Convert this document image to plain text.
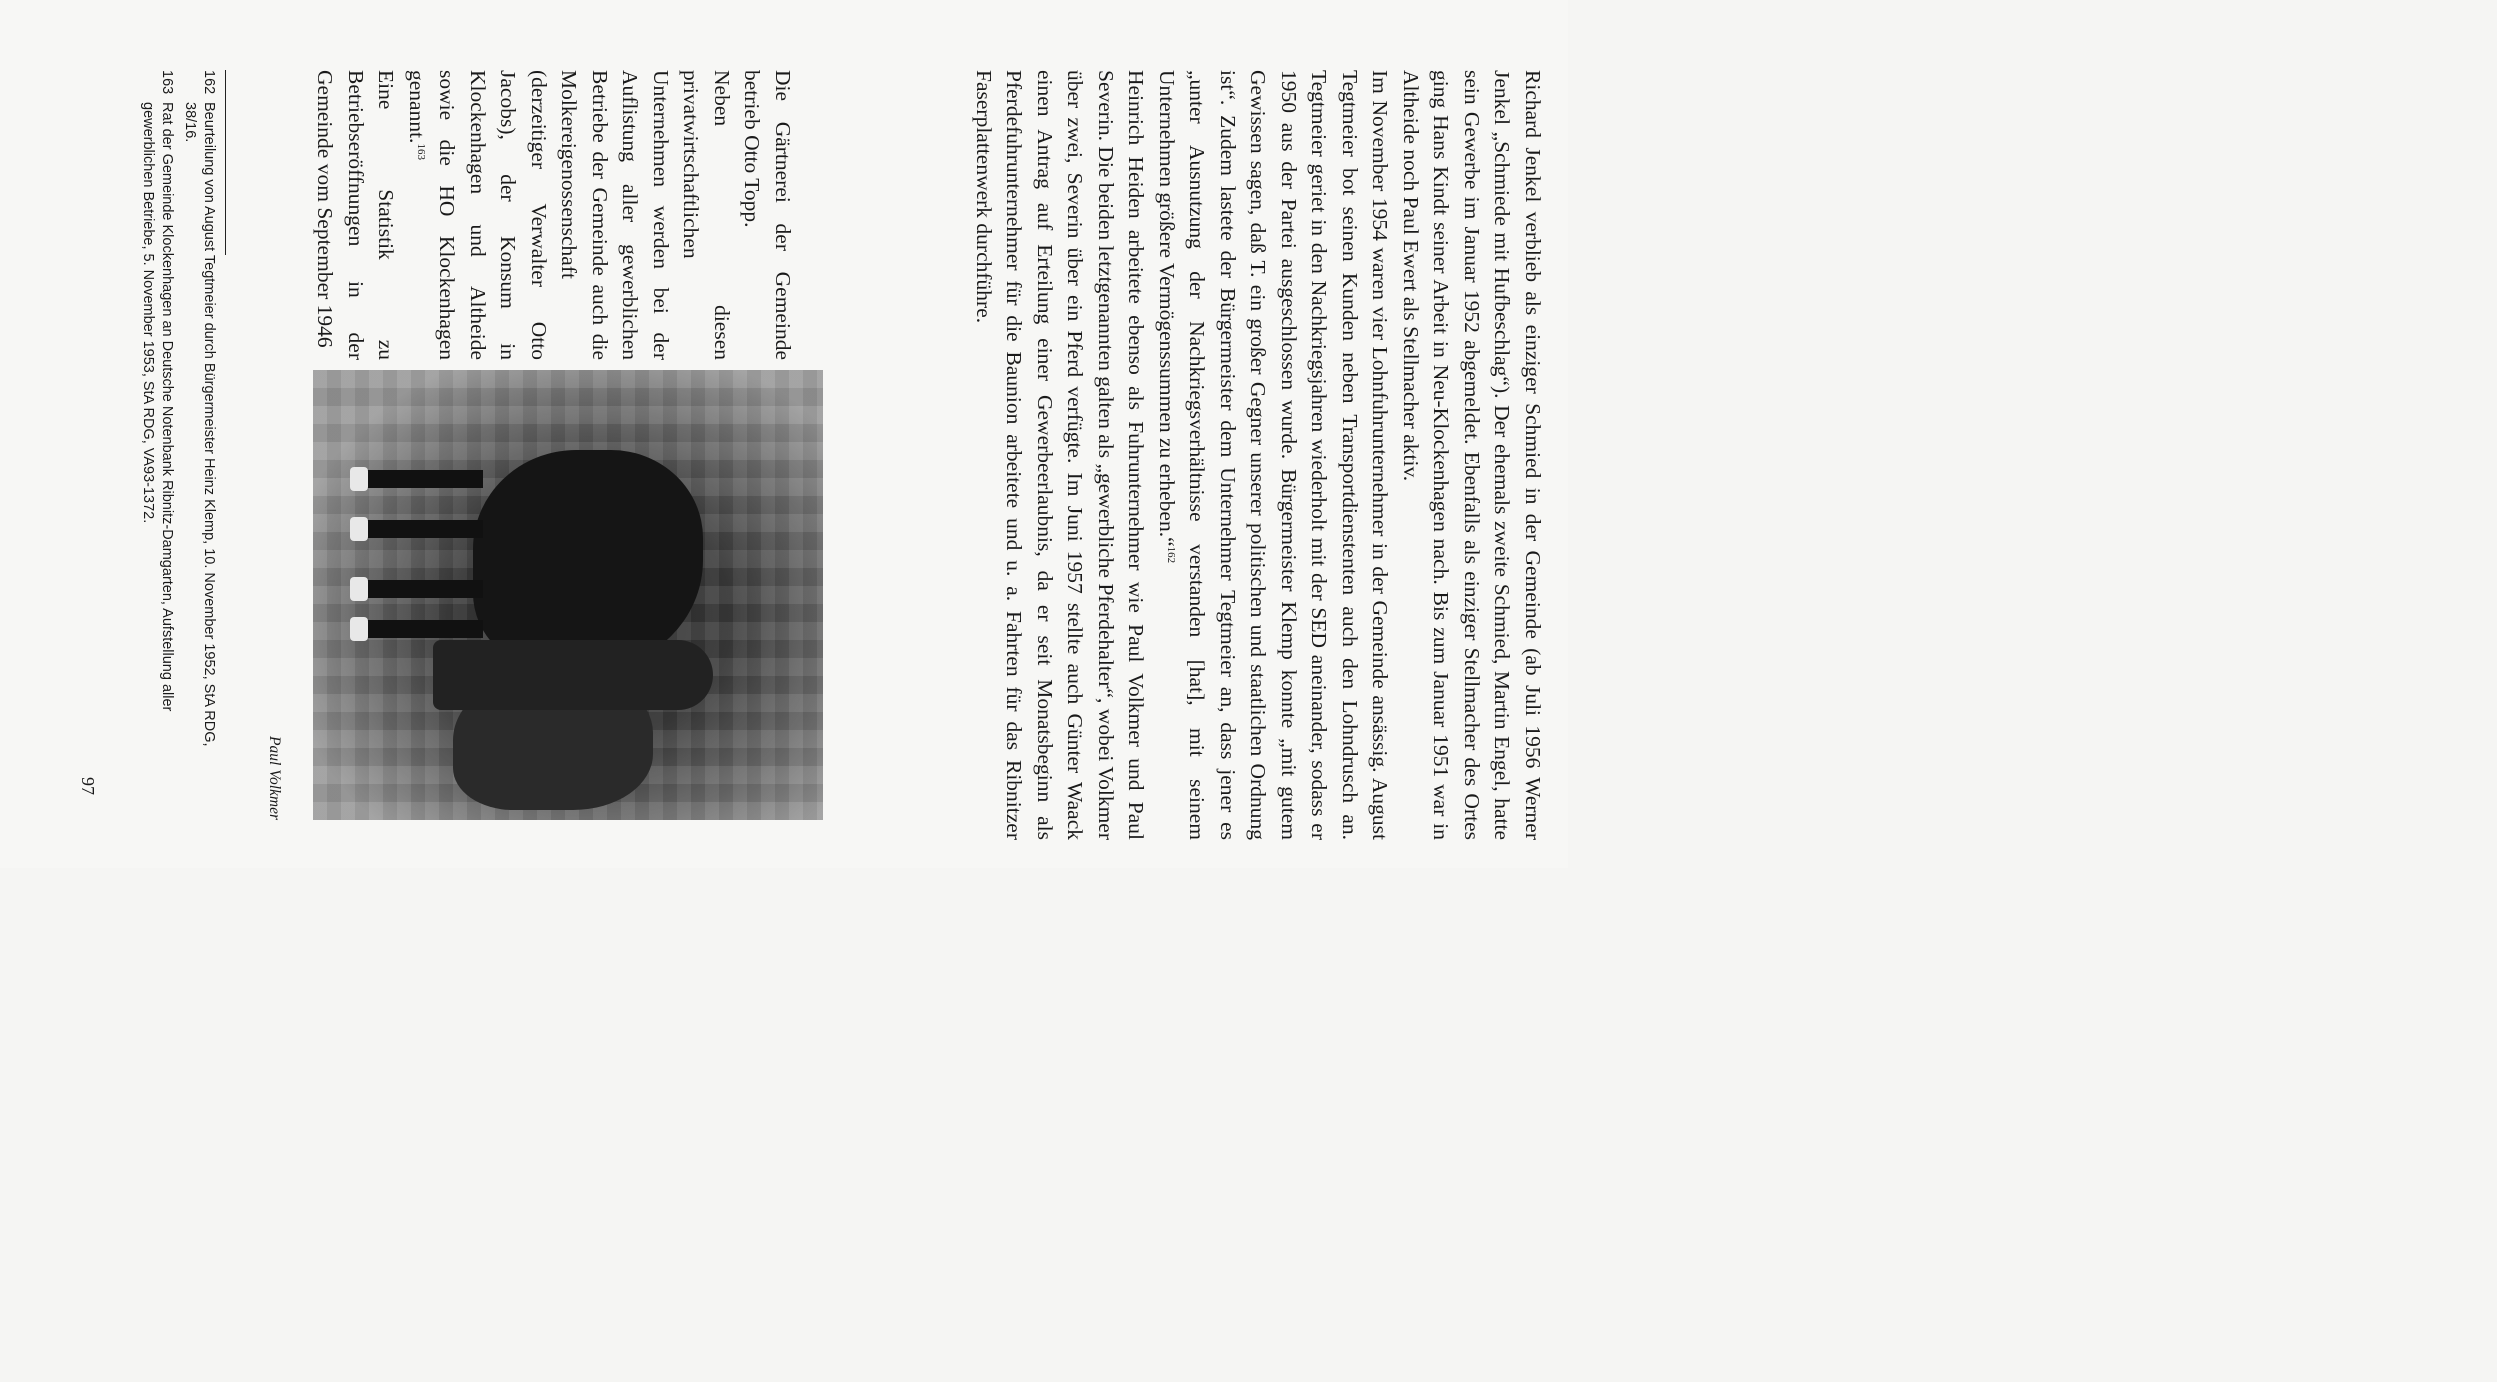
Richard Jenkel verblieb als einziger Schmied in der Gemeinde (ab Juli 1956 Werner Jenkel „Schmiede mit Hufbeschlag“). Der ehemals zweite Schmied, Martin Engel, hatte sein Gewerbe im Januar 1952 abgemeldet. Ebenfalls als einziger Stellmacher des Ortes ging Hans Kindt seiner Arbeit in Neu-Klockenhagen nach. Bis zum Januar 1951 war in Altheide noch Paul Ewert als Stellmacher aktiv.

Im November 1954 waren vier Lohnfuhrunternehmer in der Gemeinde ansässig. August Tegtmeier bot seinen Kunden neben Transportdienstenten auch den Lohndrusch an. Tegtmeier geriet in den Nachkriegsjahren wiederholt mit der SED aneinander, sodass er 1950 aus der Partei ausgeschlossen wurde. Bürgermeister Klemp konnte „mit gutem Gewissen sagen, daß T. ein großer Gegner unserer politischen und staatlichen Ordnung ist“. Zudem lastete der Bürgermeister dem Unternehmer Tegtmeier an, dass jener es „unter Ausnutzung der Nachkriegsverhältnisse verstanden [hat], mit seinem Unternehmen größere Vermögenssummen zu erheben.“$^{162}$

Heinrich Heiden arbeitete ebenso als Fuhrunternehmer wie Paul Volkmer und Paul Severin. Die beiden letztgenannten galten als „gewerbliche Pferdehalter“, wobei Volkmer über zwei, Severin über ein Pferd verfügte. Im Juni 1957 stellte auch Günter Waack einen Antrag auf Erteilung einer Gewerbeerlaubnis, da er seit Monatsbeginn als Pferdefuhrunternehmer für die Baunion arbeitete und u. a. Fahrten für das Ribnitzer Faserplattenwerk durchführe.

Die Gärtnerei der Gemeinde betrieb Otto Topp.

Neben diesen privatwirtschaftlichen Unternehmen werden bei der Auflistung aller gewerblichen Betriebe der Gemeinde auch die Molkereigenossenschaft (derzeitiger Verwalter Otto Jacobs), der Konsum in Klockenhagen und Altheide sowie die HO Klockenhagen genannt.$^{163}$

Eine Statistik zu Betriebseröffnungen in der Gemeinde vom September 1946

Paul Volkmer
162
Beurteilung von August Tegtmeier durch Bürgermeister Heinz Klemp, 10. November 1952, StA RDG, 38/16.
163
Rat der Gemeinde Klockenhagen an Deutsche Notenbank Ribnitz-Damgarten, Aufstellung aller gewerblichen Betriebe, 5. November 1953, StA RDG, VA93-1372.
97
